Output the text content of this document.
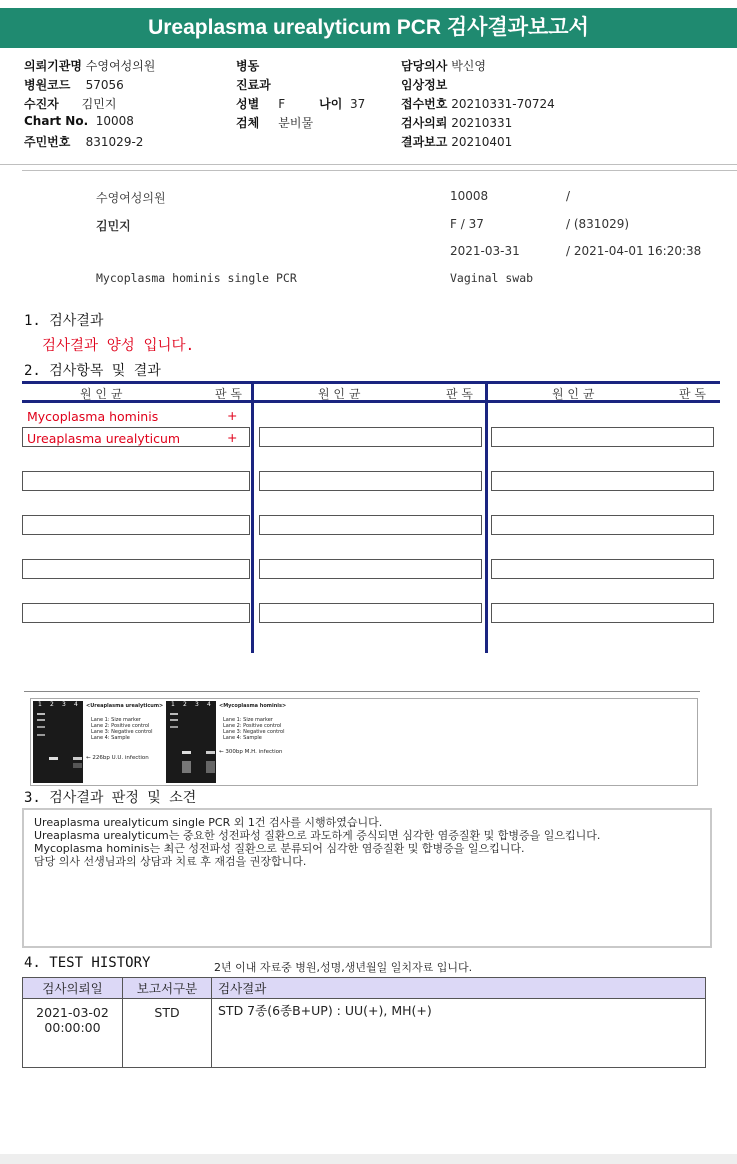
Ureaplasma urealyticum PCR 검사결과보고서
의뢰기관명 수영여성의원
병원코드 57056
수진자 김민지
Chart No. 10008
주민번호 831029-2
병동
진료과
성별 F	나이 37
검체 분비물
담당의사 박신영
임상정보
접수번호 20210331-70724
검사의뢰 20210331
결과보고 20210401
수영여성의원	10008	/
김민지	F / 37	/ (831029)
2021-03-31	/ 2021-04-01 16:20:38
Mycoplasma hominis single PCR	Vaginal swab
1. 검사결과
검사결과 양성 입니다.
2. 검사항목 및 결과
원 인 균	판 독	원 인 균	판 독	원 인 균	판 독
Mycoplasma hominis	+
Ureaplasma urealyticum	+
1 2 3 4 <Ureaplasma urealyticum>
Lane 1: Size marker
Lane 2: Positive control
Lane 3: Negative control
Lane 4: Sample
← 226bp U.U. infection
1 2 3 4 <Mycoplasma hominis>
Lane 1: Size marker
Lane 2: Positive control
Lane 3: Negative control
Lane 4: Sample
← 300bp M.H. infection
3. 검사결과 판정 및 소견
Ureaplasma urealyticum single PCR 외 1건 검사를 시행하였습니다.
Ureaplasma urealyticum는 중요한 성전파성 질환으로 과도하게 증식되면 심각한 염증질환 및 합병증을 일으킵니다.
Mycoplasma hominis는 최근 성전파성 질환으로 분류되어 심각한 염증질환 및 합병증을 일으킵니다.
담당 의사 선생님과의 상담과 치료 후 재검을 권장합니다.
4. TEST HISTORY	2년 이내 자료중 병원,성명,생년월일 일치자료 입니다.
검사의뢰일	보고서구분	검사결과

2021-03-02
00:00:00	STD	STD 7종(6종B+UP) : UU(+), MH(+)
